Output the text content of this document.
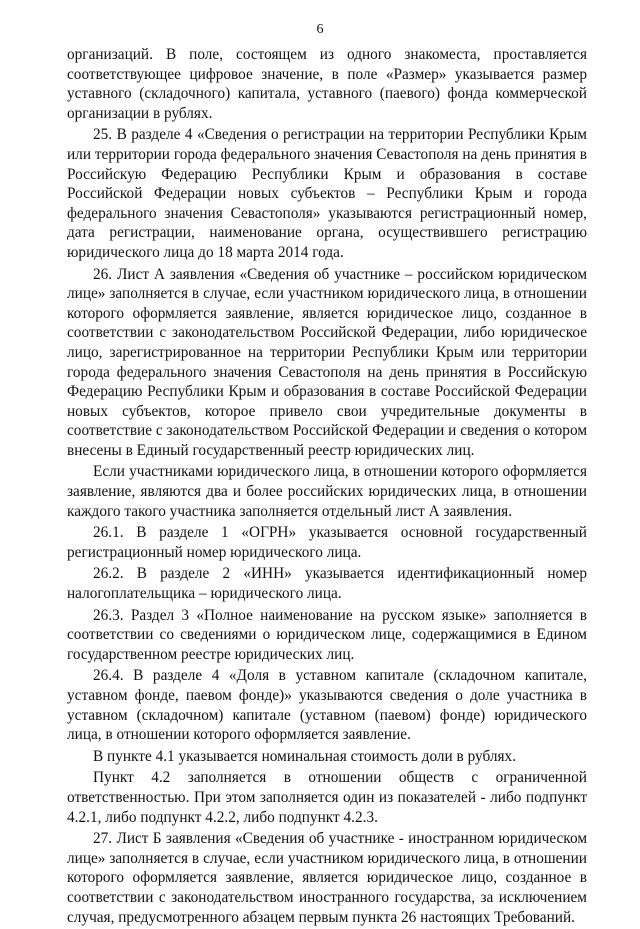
6

организаций. В поле, состоящем из одного знакоместа, проставляется соответствующее цифровое значение, в поле «Размер» указывается размер уставного (складочного) капитала, уставного (паевого) фонда коммерческой организации в рублях.

25. В разделе 4 «Сведения о регистрации на территории Республики Крым или территории города федерального значения Севастополя на день принятия в Российскую Федерацию Республики Крым и образования в составе Российской Федерации новых субъектов – Республики Крым и города федерального значения Севастополя» указываются регистрационный номер, дата регистрации, наименование органа, осуществившего регистрацию юридического лица до 18 марта 2014 года.

26. Лист А заявления «Сведения об участнике – российском юридическом лице» заполняется в случае, если участником юридического лица, в отношении которого оформляется заявление, является юридическое лицо, созданное в соответствии с законодательством Российской Федерации, либо юридическое лицо, зарегистрированное на территории Республики Крым или территории города федерального значения Севастополя на день принятия в Российскую Федерацию Республики Крым и образования в составе Российской Федерации новых субъектов, которое привело свои учредительные документы в соответствие с законодательством Российской Федерации и сведения о котором внесены в Единый государственный реестр юридических лиц.

Если участниками юридического лица, в отношении которого оформляется заявление, являются два и более российских юридических лица, в отношении каждого такого участника заполняется отдельный лист А заявления.

26.1. В разделе 1 «ОГРН» указывается основной государственный регистрационный номер юридического лица.

26.2. В разделе 2 «ИНН» указывается идентификационный номер налогоплательщика – юридического лица.

26.3. Раздел 3 «Полное наименование на русском языке» заполняется в соответствии со сведениями о юридическом лице, содержащимися в Едином государственном реестре юридических лиц.

26.4. В разделе 4 «Доля в уставном капитале (складочном капитале, уставном фонде, паевом фонде)» указываются сведения о доле участника в уставном (складочном) капитале (уставном (паевом) фонде) юридического лица, в отношении которого оформляется заявление.

В пункте 4.1 указывается номинальная стоимость доли в рублях.

Пункт 4.2 заполняется в отношении обществ с ограниченной ответственностью. При этом заполняется один из показателей - либо подпункт 4.2.1, либо подпункт 4.2.2, либо подпункт 4.2.3.

27. Лист Б заявления «Сведения об участнике - иностранном юридическом лице» заполняется в случае, если участником юридического лица, в отношении которого оформляется заявление, является юридическое лицо, созданное в соответствии с законодательством иностранного государства, за исключением случая, предусмотренного абзацем первым пункта 26 настоящих Требований.
